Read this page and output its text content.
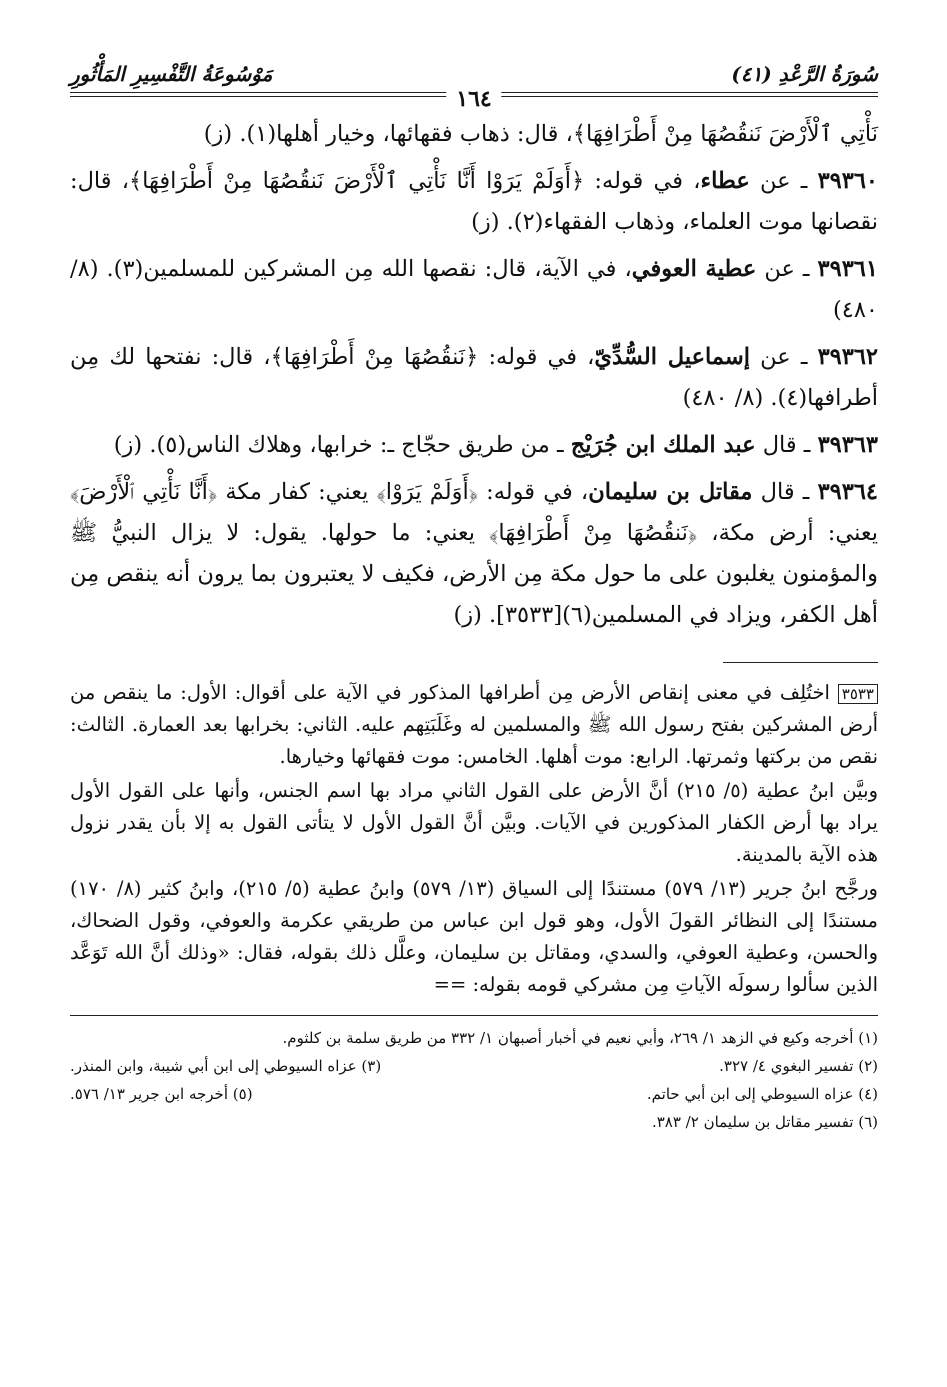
سُورَةُ الرَّعْدِ (٤١)
مَوْسُوعَةُ التَّفْسِيرِ المَأْثُورِ
١٦٤

نَأْتِي ٱلْأَرْضَ نَنقُصُهَا مِنْ أَطْرَافِهَا﴾، قال: ذهاب فقهائها، وخيار أهلها(١). (ز)

٣٩٣٦٠ ـ عن عطاء، في قوله: ﴿أَوَلَمْ يَرَوْا أَنَّا نَأْتِي ٱلْأَرْضَ نَنقُصُهَا مِنْ أَطْرَافِهَا﴾، قال: نقصانها موت العلماء، وذهاب الفقهاء(٢). (ز)

٣٩٣٦١ ـ عن عطية العوفي، في الآية، قال: نقصها الله مِن المشركين للمسلمين(٣). (٨/ ٤٨٠)

٣٩٣٦٢ ـ عن إسماعيل السُّدِّيّ، في قوله: ﴿نَنقُصُهَا مِنْ أَطْرَافِهَا﴾، قال: نفتحها لك مِن أطرافها(٤). (٨/ ٤٨٠)

٣٩٣٦٣ ـ قال عبد الملك ابن جُرَيْج ـ من طريق حجّاج ـ: خرابها، وهلاك الناس(٥). (ز)

٣٩٣٦٤ ـ قال مقاتل بن سليمان، في قوله: ﴿أَوَلَمْ يَرَوْا﴾ يعني: كفار مكة ﴿أَنَّا نَأْتِي ٱلْأَرْضَ﴾ يعني: أرض مكة، ﴿نَنقُصُهَا مِنْ أَطْرَافِهَا﴾ يعني: ما حولها. يقول: لا يزال النبيُّ ﷺ والمؤمنون يغلبون على ما حول مكة مِن الأرض، فكيف لا يعتبرون بما يرون أنه ينقص مِن أهل الكفر، ويزاد في المسلمين(٦)[٣٥٣٣]. (ز)

٣٥٣٣ اختُلِف في معنى إنقاص الأرض مِن أطرافها المذكور في الآية على أقوال: الأول: ما ينقص من أرض المشركين بفتح رسول الله ﷺ والمسلمين له وغَلَبَتِهم عليه. الثاني: بخرابها بعد العمارة. الثالث: نقص من بركتها وثمرتها. الرابع: موت أهلها. الخامس: موت فقهائها وخيارها.

وبيَّن ابنُ عطية (٥/ ٢١٥) أنَّ الأرض على القول الثاني مراد بها اسم الجنس، وأنها على القول الأول يراد بها أرض الكفار المذكورين في الآيات. وبيَّن أنَّ القول الأول لا يتأتى القول به إلا بأن يقدر نزول هذه الآية بالمدينة.

ورجَّح ابنُ جرير (١٣/ ٥٧٩) مستندًا إلى السياق (١٣/ ٥٧٩) وابنُ عطية (٥/ ٢١٥)، وابنُ كثير (٨/ ١٧٠) مستندًا إلى النظائر القولَ الأول، وهو قول ابن عباس من طريقي عكرمة والعوفي، وقول الضحاك، والحسن، وعطية العوفي، والسدي، ومقاتل بن سليمان، وعلَّل ذلك بقوله، فقال: «وذلك أنَّ الله تَوَعَّد الذين سألوا رسولَه الآياتِ مِن مشركي قومه بقوله: ==

(١) أخرجه وكيع في الزهد ١/ ٢٦٩، وأبي نعيم في أخبار أصبهان ١/ ٣٣٢ من طريق سلمة بن كلثوم.
(٢) تفسير البغوي ٤/ ٣٢٧.
(٣) عزاه السيوطي إلى ابن أبي شيبة، وابن المنذر.
(٤) عزاه السيوطي إلى ابن أبي حاتم.
(٥) أخرجه ابن جرير ١٣/ ٥٧٦.
(٦) تفسير مقاتل بن سليمان ٢/ ٣٨٣.
